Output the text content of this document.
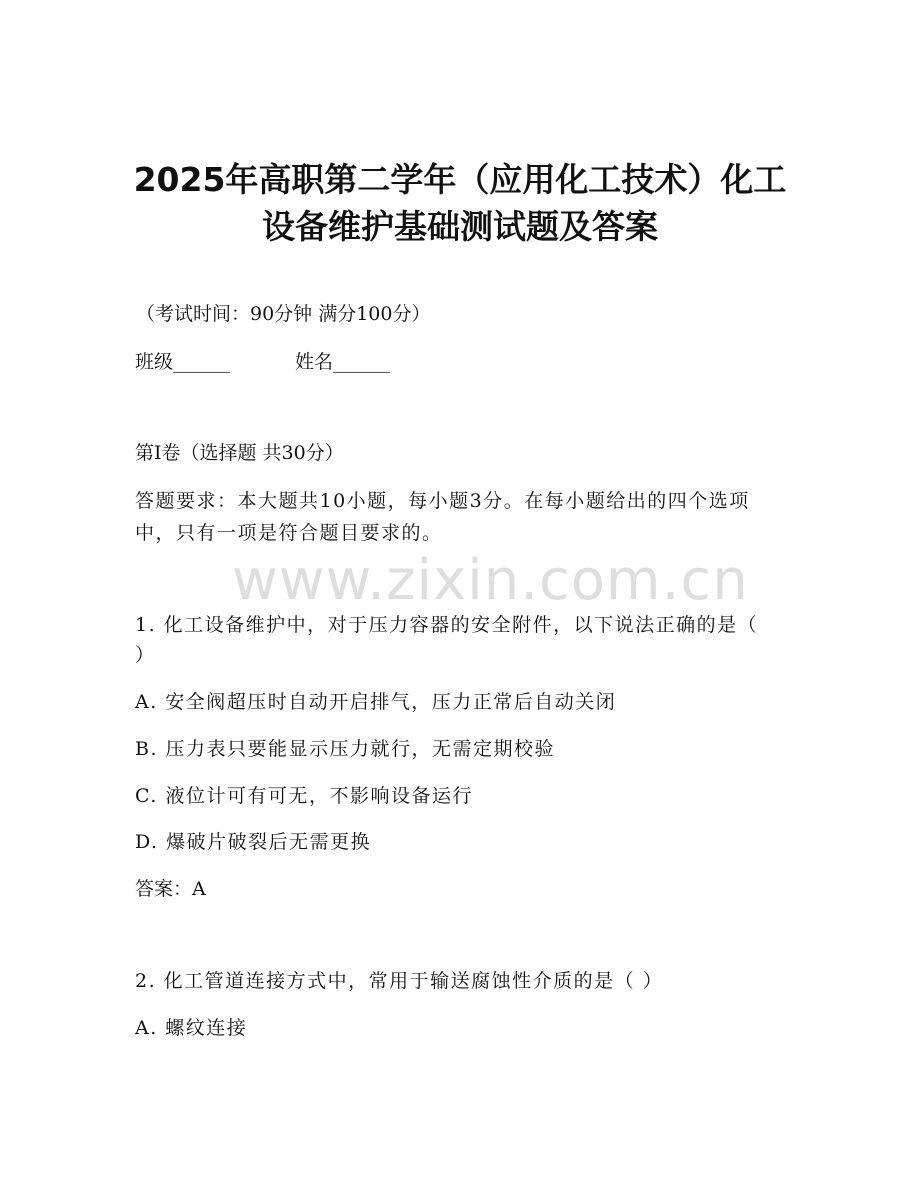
2025年高职第二学年（应用化工技术）化工
设备维护基础测试题及答案
（考试时间：90分钟 满分100分）
班级______	姓名______
第I卷（选择题 共30分）
答题要求：本大题共10小题，每小题3分。在每小题给出的四个选项
中，只有一项是符合题目要求的。
www.zixin.com.cn
1. 化工设备维护中，对于压力容器的安全附件，以下说法正确的是（
）
A. 安全阀超压时自动开启排气，压力正常后自动关闭
B. 压力表只要能显示压力就行，无需定期校验
C. 液位计可有可无，不影响设备运行
D. 爆破片破裂后无需更换
答案：A
2. 化工管道连接方式中，常用于输送腐蚀性介质的是（ ）
A. 螺纹连接
